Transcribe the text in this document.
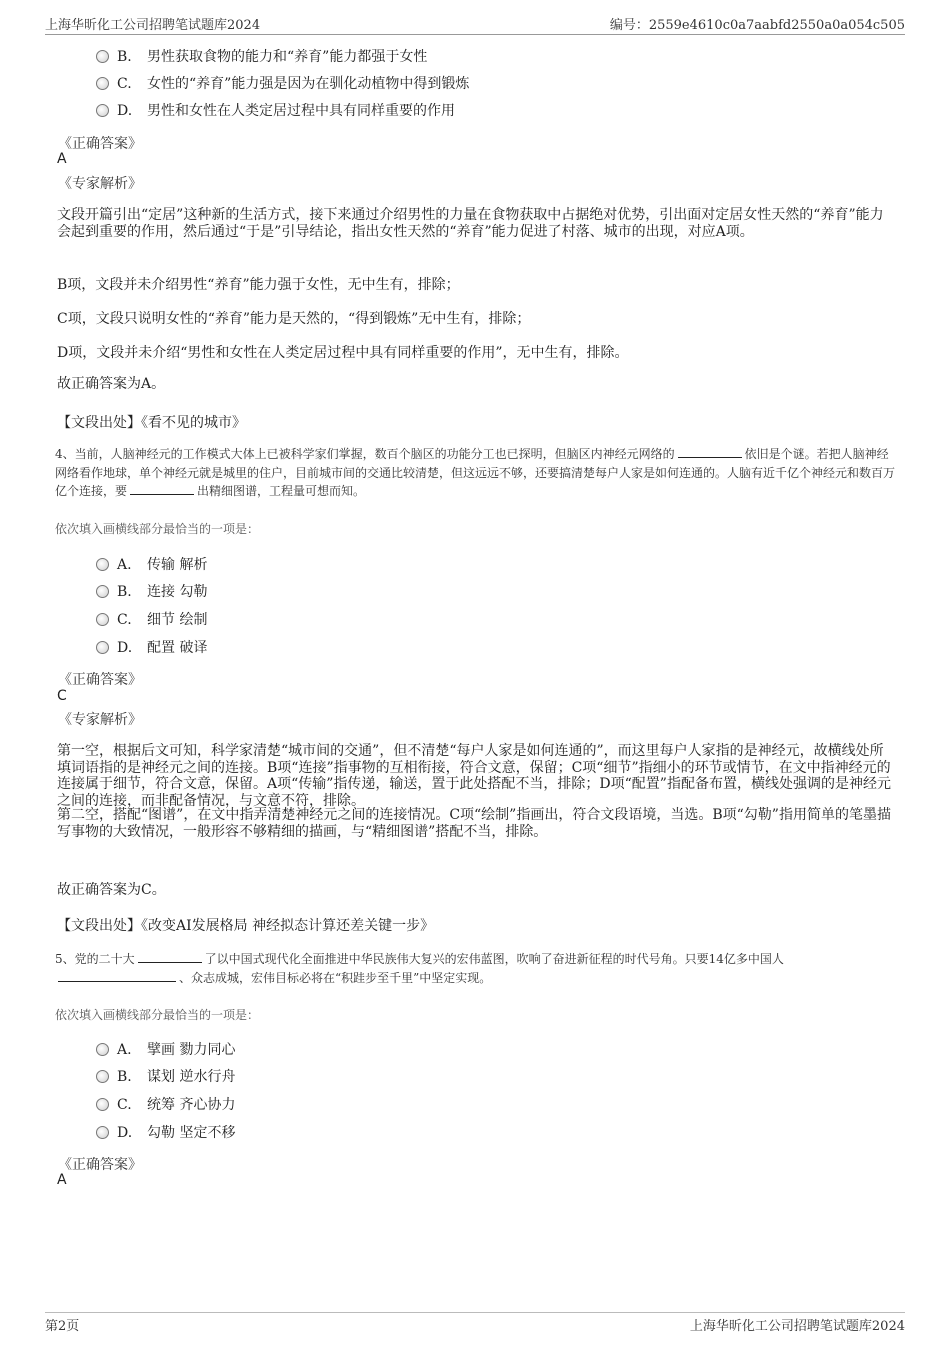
上海华昕化工公司招聘笔试题库2024	编号：2559e4610c0a7aabfd2550a0a054c505
B. 男性获取食物的能力和“养育”能力都强于女性
C. 女性的“养育”能力强是因为在驯化动植物中得到锻炼
D. 男性和女性在人类定居过程中具有同样重要的作用
《正确答案》
A
《专家解析》
文段开篇引出“定居”这种新的生活方式，接下来通过介绍男性的力量在食物获取中占据绝对优势，引出面对定居女性天然的“养育”能力会起到重要的作用，然后通过“于是”引导结论，指出女性天然的“养育”能力促进了村落、城市的出现，对应A项。
B项，文段并未介绍男性“养育”能力强于女性，无中生有，排除；
C项，文段只说明女性的“养育”能力是天然的，“得到锻炼”无中生有，排除；
D项，文段并未介绍“男性和女性在人类定居过程中具有同样重要的作用”，无中生有，排除。
故正确答案为A。
【文段出处】《看不见的城市》
4、当前，人脑神经元的工作模式大体上已被科学家们掌握，数百个脑区的功能分工也已探明，但脑区内神经元网络的	依旧是个谜。若把人脑神经网络看作地球，单个神经元就是城里的住户，目前城市间的交通比较清楚，但这远远不够，还要搞清楚每户人家是如何连通的。人脑有近千亿个神经元和数百万亿个连接，要	出精细图谱，工程量可想而知。
依次填入画横线部分最恰当的一项是：
A. 传输 解析
B. 连接 勾勒
C. 细节 绘制
D. 配置 破译
《正确答案》
C
《专家解析》
第一空，根据后文可知，科学家清楚“城市间的交通”，但不清楚“每户人家是如何连通的”，而这里每户人家指的是神经元，故横线处所填词语指的是神经元之间的连接。B项“连接”指事物的互相衔接，符合文意，保留；C项“细节”指细小的环节或情节，在文中指神经元的连接属于细节，符合文意，保留。A项“传输”指传递，输送，置于此处搭配不当，排除；D项“配置”指配备布置，横线处强调的是神经元之间的连接，而非配备情况，与文意不符，排除。
第二空，搭配“图谱”，在文中指弄清楚神经元之间的连接情况。C项“绘制”指画出，符合文段语境，当选。B项“勾勒”指用简单的笔墨描写事物的大致情况，一般形容不够精细的描画，与“精细图谱”搭配不当，排除。
故正确答案为C。
【文段出处】《改变AI发展格局 神经拟态计算还差关键一步》
5、党的二十大	了以中国式现代化全面推进中华民族伟大复兴的宏伟蓝图，吹响了奋进新征程的时代号角。只要14亿多中国人、众志成城，宏伟目标必将在“积跬步至千里”中坚定实现。
依次填入画横线部分最恰当的一项是：
A. 擘画 勠力同心
B. 谋划 逆水行舟
C. 统筹 齐心协力
D. 勾勒 坚定不移
《正确答案》
A
第2页	上海华昕化工公司招聘笔试题库2024
